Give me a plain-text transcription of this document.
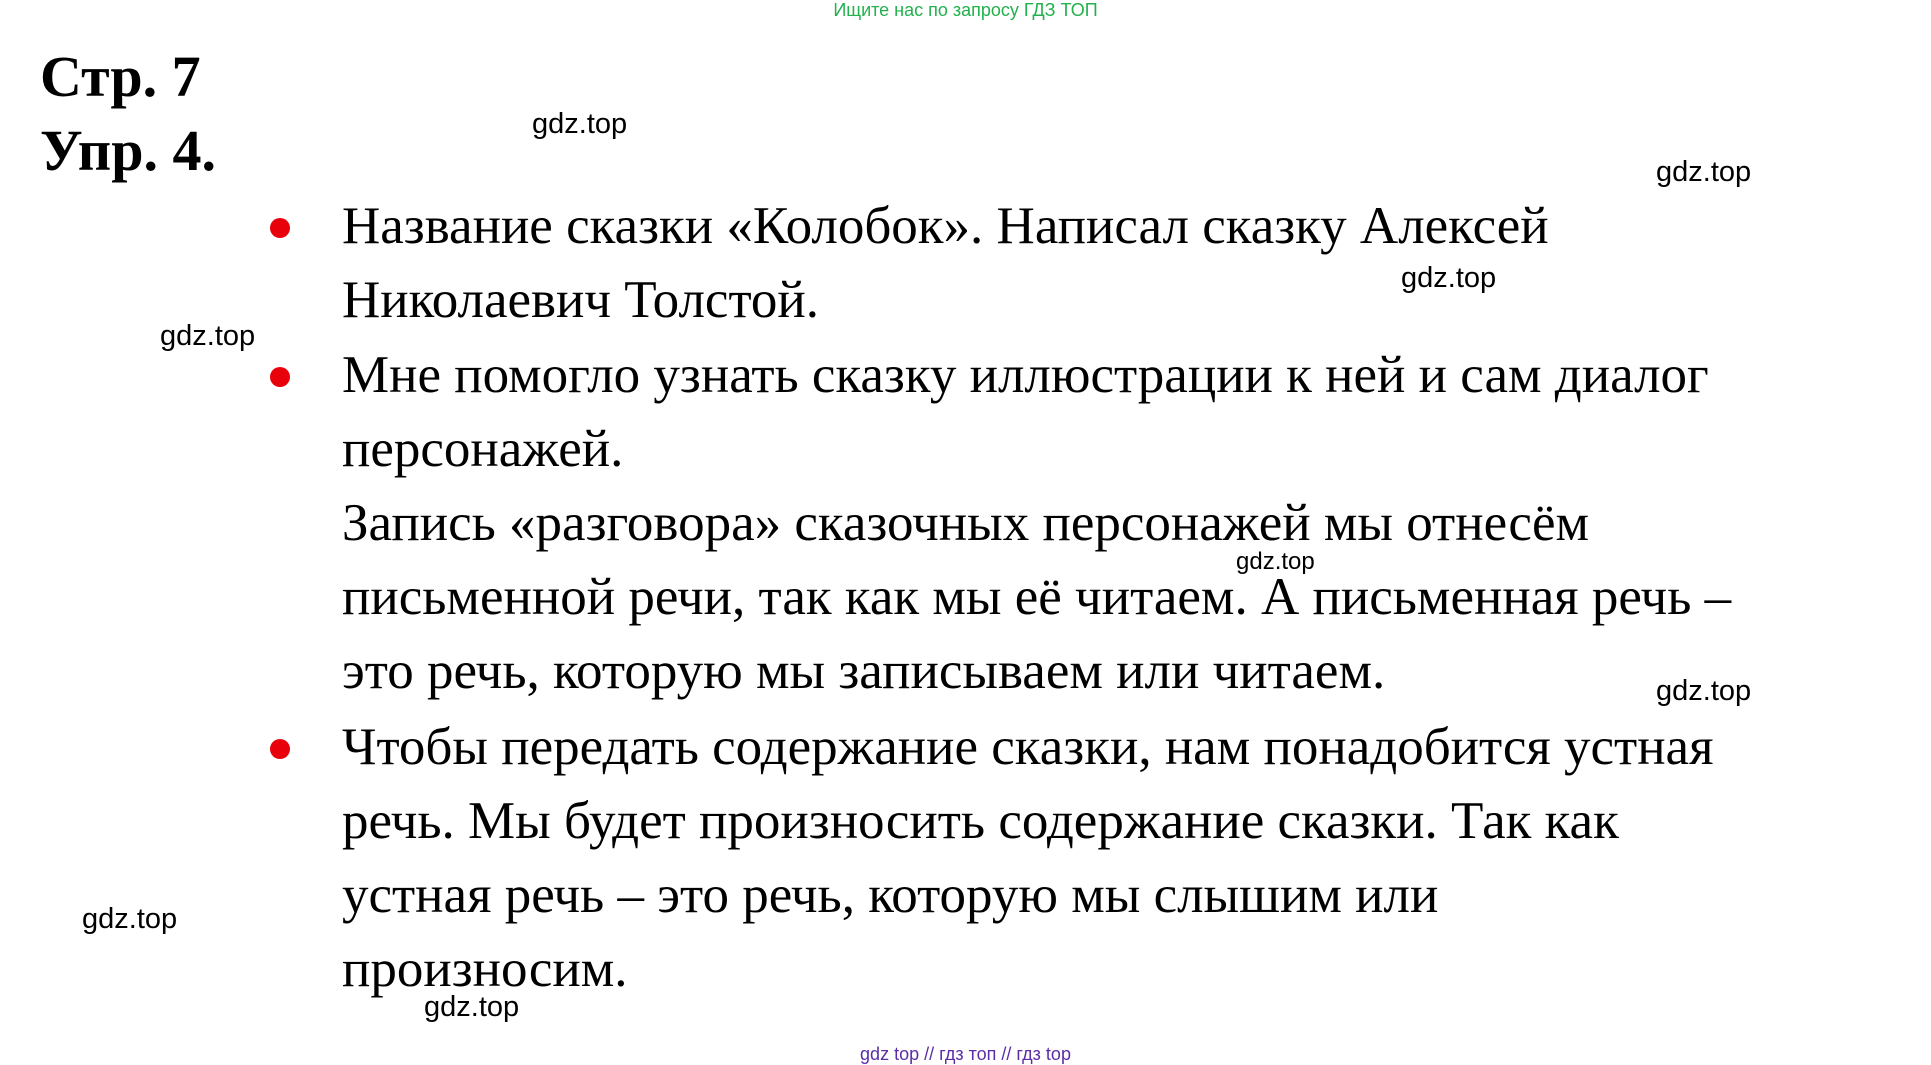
Ищите нас по запросу ГДЗ ТОП
Стр. 7
Упр. 4.	gdz.top
gdz.top
gdz.top
gdz.top
gdz.top
gdz.top
gdz.top
gdz.top
Название сказки «Колобок». Написал сказку Алексей
Николаевич Толстой.
Мне помогло узнать сказку иллюстрации к ней и сам диалог
персонажей.
Запись «разговора» сказочных персонажей мы отнесём
письменной речи, так как мы её читаем. А письменная речь –
это речь, которую мы записываем или читаем.
Чтобы передать содержание сказки, нам понадобится устная
речь. Мы будет произносить содержание сказки. Так как
устная речь – это речь, которую мы слышим или
произносим.
gdz top // гдз топ // гдз top
